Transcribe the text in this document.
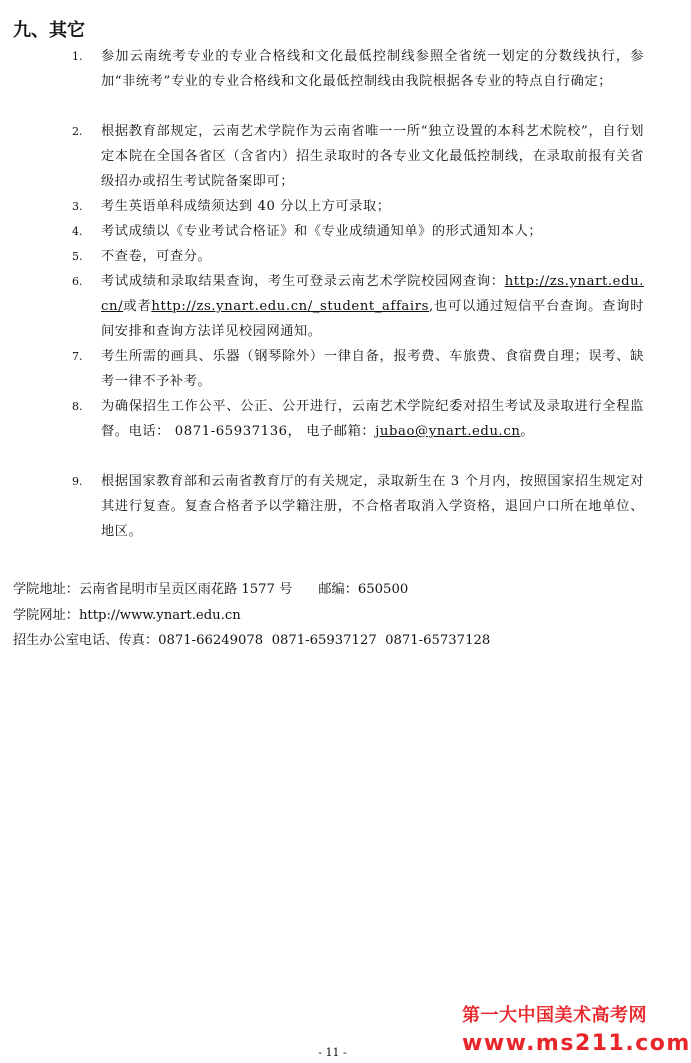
九、其它
1. 参加云南统考专业的专业合格线和文化最低控制线参照全省统一划定的分数线执行，参加“非统考”专业的专业合格线和文化最低控制线由我院根据各专业的特点自行确定；
2. 根据教育部规定，云南艺术学院作为云南省唯一一所“独立设置的本科艺术院校”，自行划定本院在全国各省区（含省内）招生录取时的各专业文化最低控制线，在录取前报有关省级招办或招生考试院备案即可；
3. 考生英语单科成绩须达到 40 分以上方可录取；
4. 考试成绩以《专业考试合格证》和《专业成绩通知单》的形式通知本人；
5. 不查卷，可查分。
6. 考试成绩和录取结果查询，考生可登录云南艺术学院校园网查询：http://zs.ynart.edu.cn/或者http://zs.ynart.edu.cn/_student_affairs,也可以通过短信平台查询。查询时间安排和查询方法详见校园网通知。
7. 考生所需的画具、乐器（钢琴除外）一律自备，报考费、车旅费、食宿费自理；误考、缺考一律不予补考。
8. 为确保招生工作公平、公正、公开进行，云南艺术学院纪委对招生考试及录取进行全程监督。电话： 0871-65937136， 电子邮箱：jubao@ynart.edu.cn。
9. 根据国家教育部和云南省教育厅的有关规定，录取新生在 3 个月内，按照国家招生规定对其进行复查。复查合格者予以学籍注册，不合格者取消入学资格，退回户口所在地单位、地区。
学院地址：云南省昆明市呈贡区雨花路 1577 号 邮编：650500
学院网址：http://www.ynart.edu.cn
招生办公室电话、传真：0871-66249078  0871-65937127  0871-65737128
第一大中国美术高考网
www.ms211.com
- 11 -
